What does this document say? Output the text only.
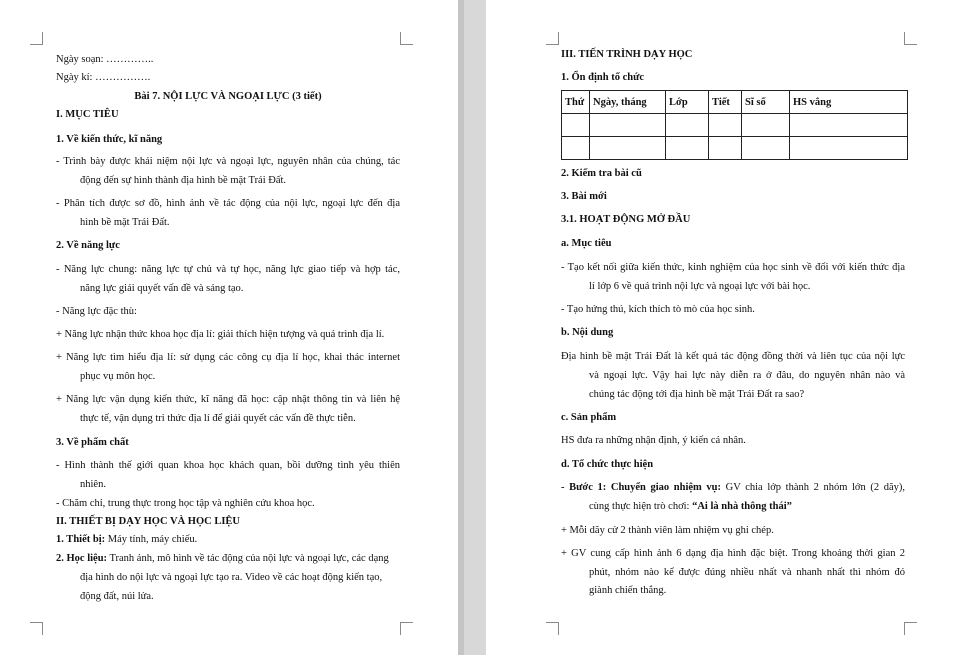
Ngày soạn: …………..
Ngày kí: …………….
Bài 7. NỘI LỰC VÀ NGOẠI LỰC (3 tiết)
I. MỤC TIÊU
1. Về kiến thức, kĩ năng
- Trình bày được khái niệm nội lực và ngoại lực, nguyên nhân của chúng, tác
động đến sự hình thành địa hình bề mặt Trái Đất.
- Phân tích được sơ đồ, hình ảnh về tác động của nội lực, ngoại lực đến địa
hình bề mặt Trái Đất.
2. Về năng lực
- Năng lực chung: năng lực tự chủ và tự học, năng lực giao tiếp và hợp tác,
năng lực giải quyết vấn đề và sáng tạo.
- Năng lực đặc thù:
+ Năng lực nhận thức khoa học địa lí: giải thích hiện tượng và quá trình địa lí.
+ Năng lực tìm hiểu địa lí: sử dụng các công cụ địa lí học, khai thác internet
phục vụ môn học.
+ Năng lực vận dụng kiến thức, kĩ năng đã học: cập nhật thông tin và liên hệ
thực tế, vận dụng tri thức địa lí để giải quyết các vấn đề thực tiễn.
3. Về phẩm chất
- Hình thành thế giới quan khoa học khách quan, bồi dưỡng tình yêu thiên
nhiên.
- Chăm chỉ, trung thực trong học tập và nghiên cứu khoa học.
II. THIẾT BỊ DẠY HỌC VÀ HỌC LIỆU
1. Thiết bị: Máy tính, máy chiếu.
2. Học liệu: Tranh ảnh, mô hình về tác động của nội lực và ngoại lực, các dạng
địa hình do nội lực và ngoại lực tạo ra. Video về các hoạt động kiến tạo,
động đất, núi lửa.
III. TIẾN TRÌNH DẠY HỌC
1. Ổn định tổ chức
Thứ	Ngày, tháng	Lớp	Tiết	Sĩ số	HS vắng

2. Kiểm tra bài cũ
3. Bài mới
3.1. HOẠT ĐỘNG MỞ ĐẦU
a. Mục tiêu
- Tạo kết nối giữa kiến thức, kinh nghiệm của học sinh về đối với kiến thức địa
lí lớp 6 về quá trình nội lực và ngoại lực với bài học.
- Tạo hứng thú, kích thích tò mò của học sinh.
b. Nội dung
Địa hình bề mặt Trái Đất là kết quả tác động đồng thời và liên tục của nội lực
và ngoại lực. Vậy hai lực này diễn ra ở đâu, do nguyên nhân nào và
chúng tác động tới địa hình bề mặt Trái Đất ra sao?
c. Sản phẩm
HS đưa ra những nhận định, ý kiến cá nhân.
d. Tổ chức thực hiện
- Bước 1: Chuyển giao nhiệm vụ: GV chia lớp thành 2 nhóm lớn (2 dãy),
cùng thực hiện trò chơi: “Ai là nhà thông thái”
+ Mỗi dãy cử 2 thành viên làm nhiệm vụ ghi chép.
+ GV cung cấp hình ảnh 6 dạng địa hình đặc biệt. Trong khoảng thời gian 2
phút, nhóm nào kể được đúng nhiều nhất và nhanh nhất thì nhóm đó
giành chiến thắng.
